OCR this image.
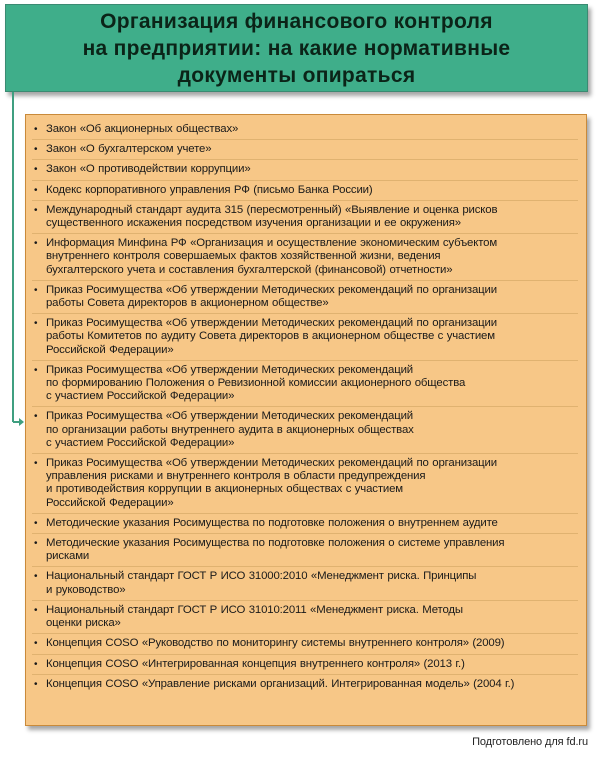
Организация финансового контроля
на предприятии: на какие нормативные
документы опираться
• Закон «Об акционерных обществах»
• Закон «О бухгалтерском учете»
• Закон «О противодействии коррупции»
• Кодекс корпоративного управления РФ (письмо Банка России)
• Международный стандарт аудита 315 (пересмотренный) «Выявление и оценка рисков
существенного искажения посредством изучения организации и ее окружения»
• Информация Минфина РФ «Организация и осуществление экономическим субъектом
внутреннего контроля совершаемых фактов хозяйственной жизни, ведения
бухгалтерского учета и составления бухгалтерской (финансовой) отчетности»
• Приказ Росимущества «Об утверждении Методических рекомендаций по организации
работы Совета директоров в акционерном обществе»
• Приказ Росимущества «Об утверждении Методических рекомендаций по организации
работы Комитетов по аудиту Совета директоров в акционерном обществе с участием
Российской Федерации»
• Приказ Росимущества «Об утверждении Методических рекомендаций
по формированию Положения о Ревизионной комиссии акционерного общества
с участием Российской Федерации»
• Приказ Росимущества «Об утверждении Методических рекомендаций
по организации работы внутреннего аудита в акционерных обществах
с участием Российской Федерации»
• Приказ Росимущества «Об утверждении Методических рекомендаций по организации
управления рисками и внутреннего контроля в области предупреждения
и противодействия коррупции в акционерных обществах с участием
Российской Федерации»
• Методические указания Росимущества по подготовке положения о внутреннем аудите
• Методические указания Росимущества по подготовке положения о системе управления
рисками
• Национальный стандарт ГОСТ Р ИСО 31000:2010 «Менеджмент риска. Принципы
и руководство»
• Национальный стандарт ГОСТ Р ИСО 31010:2011 «Менеджмент риска. Методы
оценки риска»
• Концепция COSO «Руководство по мониторингу системы внутреннего контроля» (2009)
• Концепция COSO «Интегрированная концепция внутреннего контроля» (2013 г.)
• Концепция COSO «Управление рисками организаций. Интегрированная модель» (2004 г.)
Подготовлено для fd.ru
